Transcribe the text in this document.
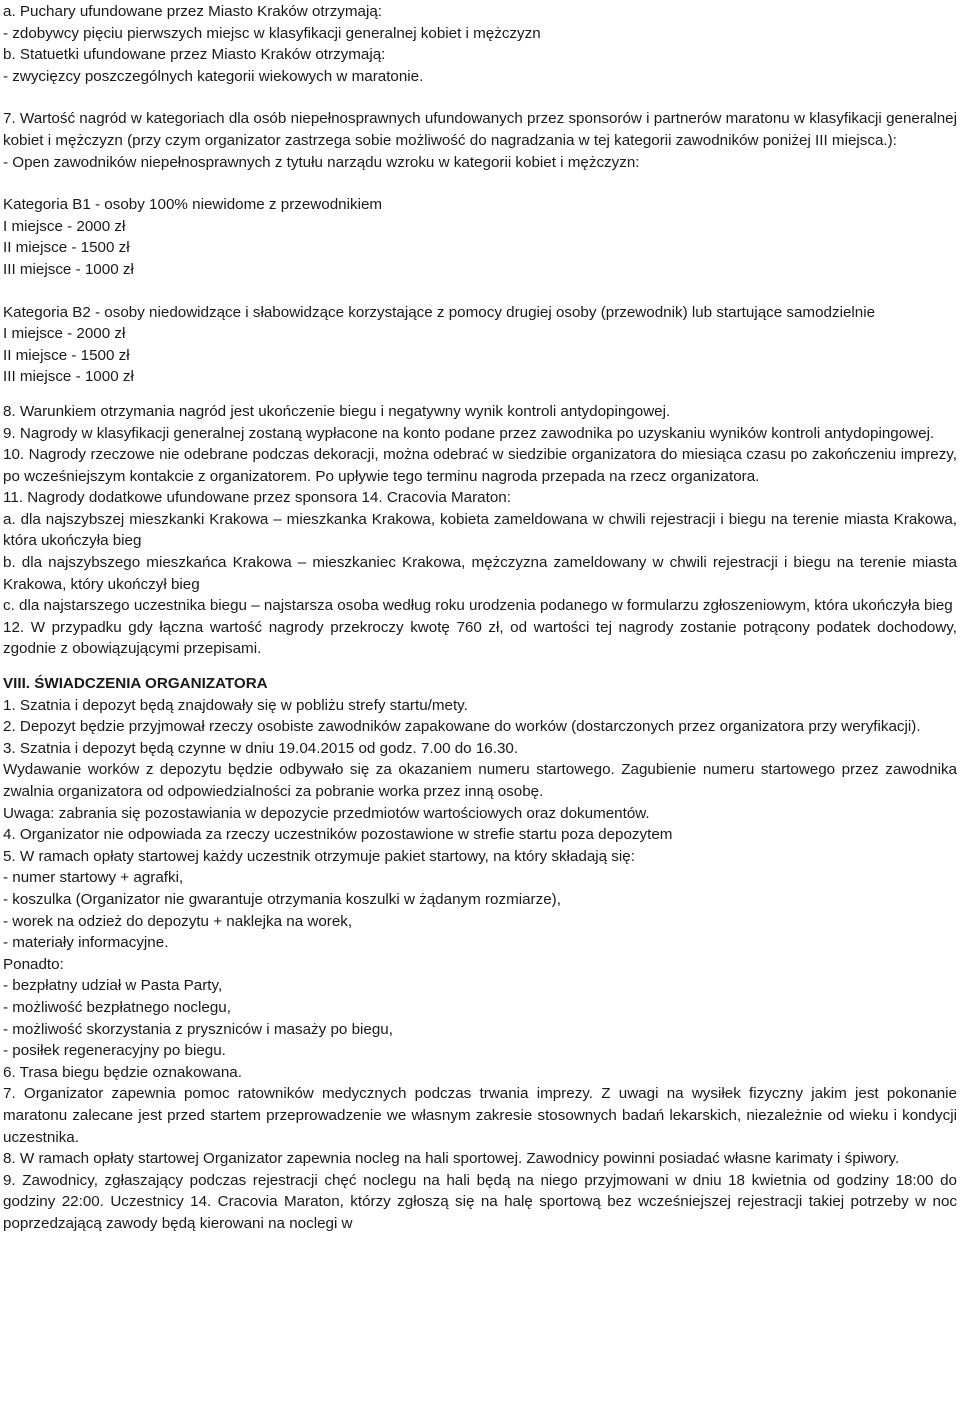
a. Puchary ufundowane przez Miasto Kraków otrzymają:
- zdobywcy pięciu pierwszych miejsc w klasyfikacji generalnej kobiet i mężczyzn
b. Statuetki ufundowane przez Miasto Kraków otrzymają:
- zwycięzcy poszczególnych kategorii wiekowych w maratonie.
7. Wartość nagród w kategoriach dla osób niepełnosprawnych ufundowanych przez sponsorów i partnerów maratonu w klasyfikacji generalnej kobiet i mężczyzn (przy czym organizator zastrzega sobie możliwość do nagradzania w tej kategorii zawodników poniżej III miejsca.):
- Open zawodników niepełnosprawnych z tytułu narządu wzroku w kategorii kobiet i mężczyzn:
Kategoria B1 - osoby 100% niewidome z przewodnikiem
I miejsce - 2000 zł
II miejsce - 1500 zł
III miejsce - 1000 zł
Kategoria B2 - osoby niedowidzące i słabowidzące korzystające z pomocy drugiej osoby (przewodnik) lub startujące samodzielnie
I miejsce - 2000 zł
II miejsce - 1500 zł
III miejsce - 1000 zł
8. Warunkiem otrzymania nagród jest ukończenie biegu i negatywny wynik kontroli antydopingowej.
9. Nagrody w klasyfikacji generalnej zostaną wypłacone na konto podane przez zawodnika po uzyskaniu wyników kontroli antydopingowej.
10. Nagrody rzeczowe nie odebrane podczas dekoracji, można odebrać w siedzibie organizatora do miesiąca czasu po zakończeniu imprezy, po wcześniejszym kontakcie z organizatorem. Po upływie tego terminu nagroda przepada na rzecz organizatora.
11. Nagrody dodatkowe ufundowane przez sponsora 14. Cracovia Maraton:
a. dla najszybszej mieszkanki Krakowa – mieszkanka Krakowa, kobieta zameldowana w chwili rejestracji i biegu na terenie miasta Krakowa, która ukończyła bieg
b. dla najszybszego mieszkańca Krakowa – mieszkaniec Krakowa, mężczyzna zameldowany w chwili rejestracji i biegu na terenie miasta Krakowa, który ukończył bieg
c. dla najstarszego uczestnika biegu – najstarsza osoba według roku urodzenia podanego w formularzu zgłoszeniowym, która ukończyła bieg
12. W przypadku gdy łączna wartość nagrody przekroczy kwotę 760 zł, od wartości tej nagrody zostanie potrącony podatek dochodowy, zgodnie z obowiązującymi przepisami.
VIII. ŚWIADCZENIA ORGANIZATORA
1. Szatnia i depozyt będą znajdowały się w pobliżu strefy startu/mety.
2. Depozyt będzie przyjmował rzeczy osobiste zawodników zapakowane do worków (dostarczonych przez organizatora przy weryfikacji).
3. Szatnia i depozyt będą czynne w dniu 19.04.2015 od godz. 7.00 do 16.30.
Wydawanie worków z depozytu będzie odbywało się za okazaniem numeru startowego. Zagubienie numeru startowego przez zawodnika zwalnia organizatora od odpowiedzialności za pobranie worka przez inną osobę.
Uwaga: zabrania się pozostawiania w depozycie przedmiotów wartościowych oraz dokumentów.
4. Organizator nie odpowiada za rzeczy uczestników pozostawione w strefie startu poza depozytem
5. W ramach opłaty startowej każdy uczestnik otrzymuje pakiet startowy, na który składają się:
- numer startowy + agrafki,
- koszulka (Organizator nie gwarantuje otrzymania koszulki w żądanym rozmiarze),
- worek na odzież do depozytu + naklejka na worek,
- materiały informacyjne.
Ponadto:
- bezpłatny udział w Pasta Party,
- możliwość bezpłatnego noclegu,
- możliwość skorzystania z pryszniców i masaży po biegu,
- posiłek regeneracyjny po biegu.
6. Trasa biegu będzie oznakowana.
7. Organizator zapewnia pomoc ratowników medycznych podczas trwania imprezy. Z uwagi na wysiłek fizyczny jakim jest pokonanie maratonu zalecane jest przed startem przeprowadzenie we własnym zakresie stosownych badań lekarskich, niezależnie od wieku i kondycji uczestnika.
8. W ramach opłaty startowej Organizator zapewnia nocleg na hali sportowej. Zawodnicy powinni posiadać własne karimaty i śpiwory.
9. Zawodnicy, zgłaszający podczas rejestracji chęć noclegu na hali będą na niego przyjmowani w dniu 18 kwietnia od godziny 18:00 do godziny 22:00. Uczestnicy 14. Cracovia Maraton, którzy zgłoszą się na halę sportową bez wcześniejszej rejestracji takiej potrzeby w noc poprzedzającą zawody będą kierowani na noclegi w
